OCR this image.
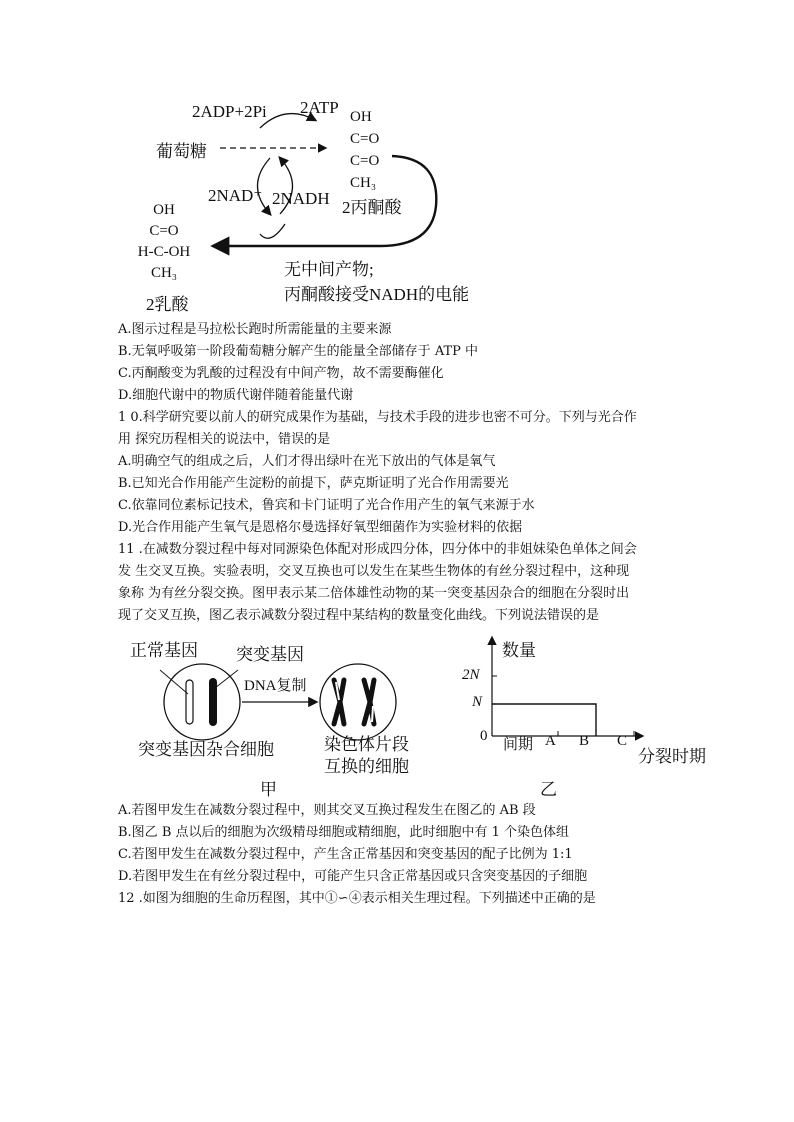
2ADP+2Pi 2ATP
葡萄糖
2NAD⁺ 2NADH
OH
C=O
C=O
CH₃
2丙酮酸
OH
C=O
H-C-OH
CH₃
2乳酸
无中间产物;
丙酮酸接受NADH的电能
A.图示过程是马拉松长跑时所需能量的主要来源
B.无氧呼吸第一阶段葡萄糖分解产生的能量全部储存于 ATP 中
C.丙酮酸变为乳酸的过程没有中间产物，故不需要酶催化
D.细胞代谢中的物质代谢伴随着能量代谢
1 0.科学研究要以前人的研究成果作为基础，与技术手段的进步也密不可分。下列与光合作
用 探究历程相关的说法中，错误的是
A.明确空气的组成之后，人们才得出绿叶在光下放出的气体是氧气
B.已知光合作用能产生淀粉的前提下，萨克斯证明了光合作用需要光
C.依靠同位素标记技术，鲁宾和卡门证明了光合作用产生的氧气来源于水
D.光合作用能产生氧气是恩格尔曼选择好氧型细菌作为实验材料的依据
11 .在减数分裂过程中每对同源染色体配对形成四分体，四分体中的非姐妹染色单体之间会
发 生交叉互换。实验表明，交叉互换也可以发生在某些生物体的有丝分裂过程中，这种现
象称 为有丝分裂交换。图甲表示某二倍体雄性动物的某一突变基因杂合的细胞在分裂时出
现了交叉互换，图乙表示减数分裂过程中某结构的数量变化曲线。下列说法错误的是
正常基因 突变基因
DNA复制
突变基因杂合细胞	染色体片段
互换的细胞
甲
数量
2N
N
0
间期 A B C
分裂时期
乙
A.若图甲发生在减数分裂过程中，则其交叉互换过程发生在图乙的 AB 段
B.图乙 B 点以后的细胞为次级精母细胞或精细胞，此时细胞中有 1 个染色体组
C.若图甲发生在减数分裂过程中，产生含正常基因和突变基因的配子比例为 1:1
D.若图甲发生在有丝分裂过程中，可能产生只含正常基因或只含突变基因的子细胞
12 .如图为细胞的生命历程图，其中①∽④表示相关生理过程。下列描述中正确的是
